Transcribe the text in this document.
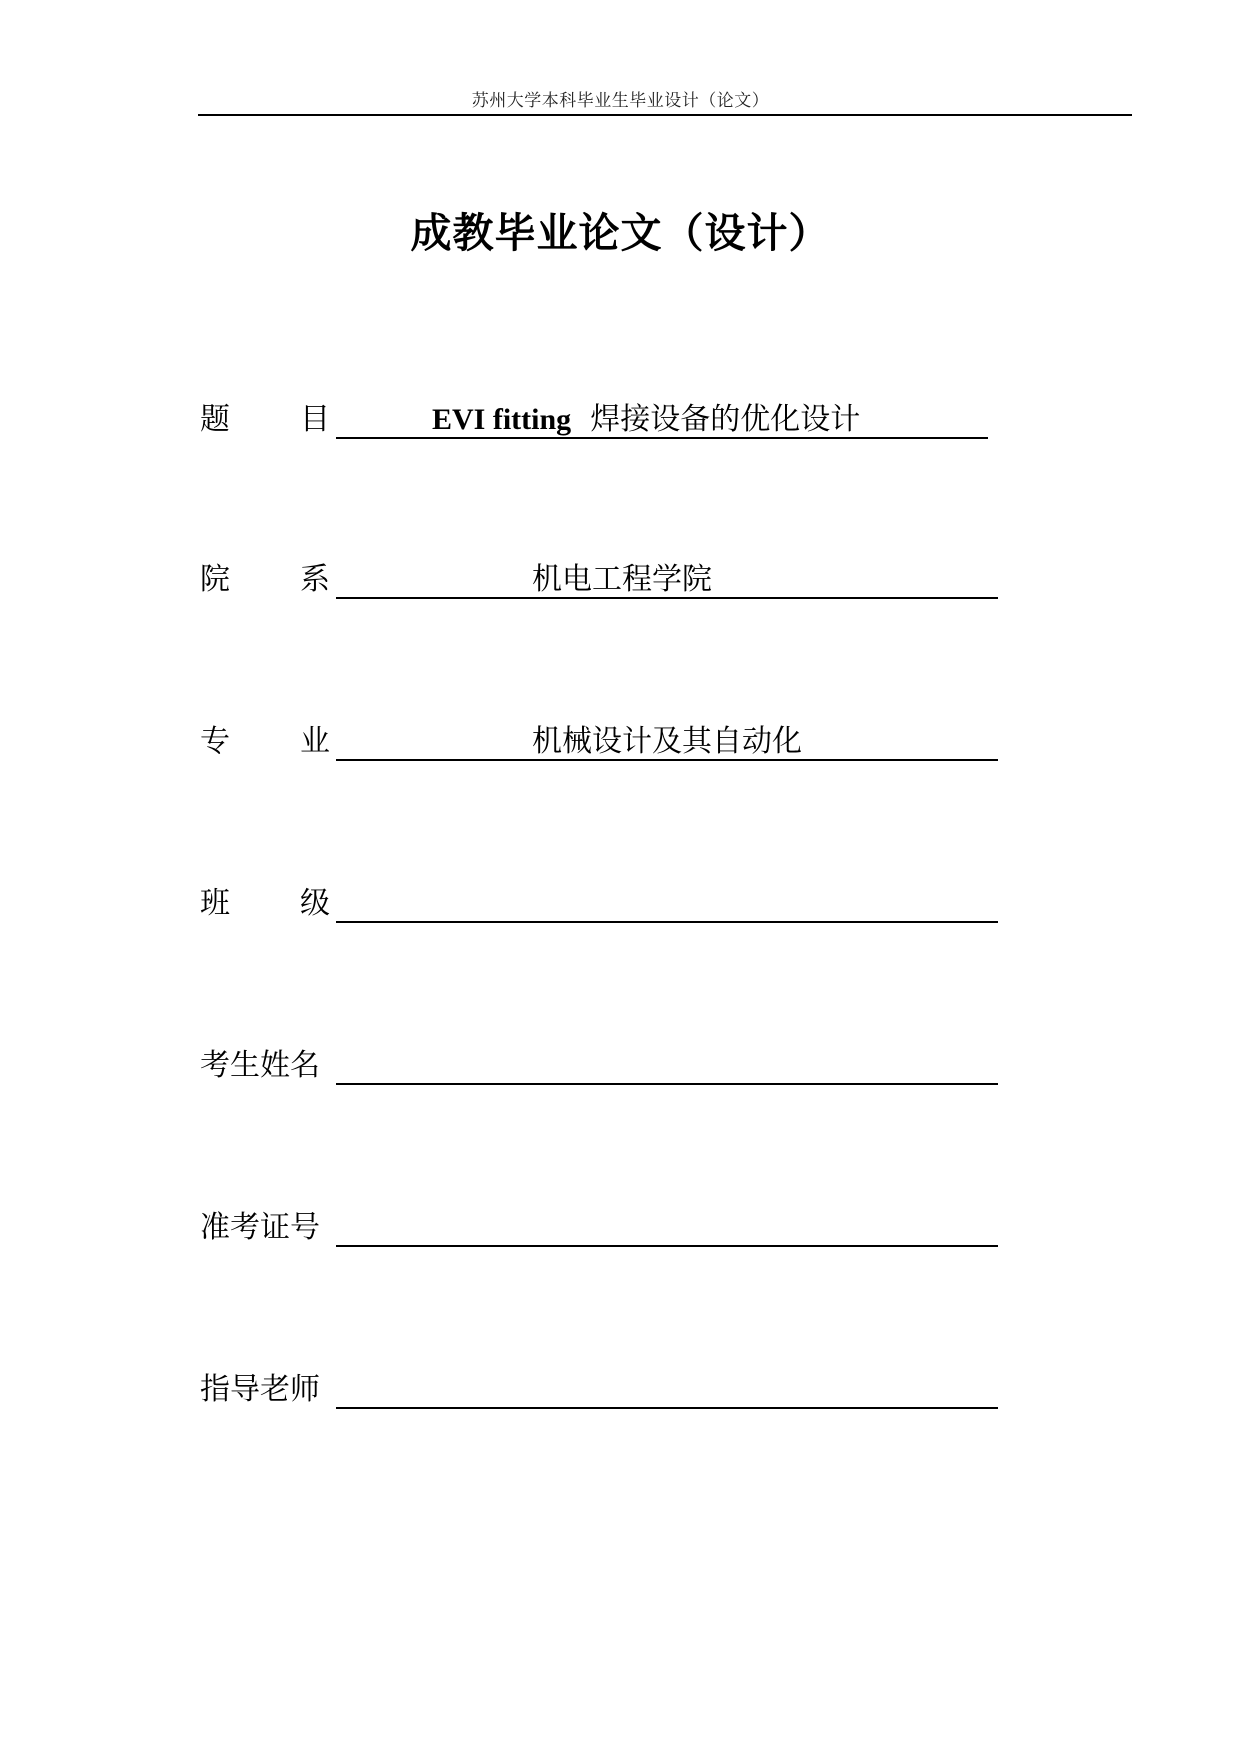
苏州大学本科毕业生毕业设计（论文）
成教毕业论文（设计）
题 目	EVI fitting 焊接设备的优化设计
院 系	机电工程学院
专 业	机械设计及其自动化
班 级
考生姓名
准考证号
指导老师
